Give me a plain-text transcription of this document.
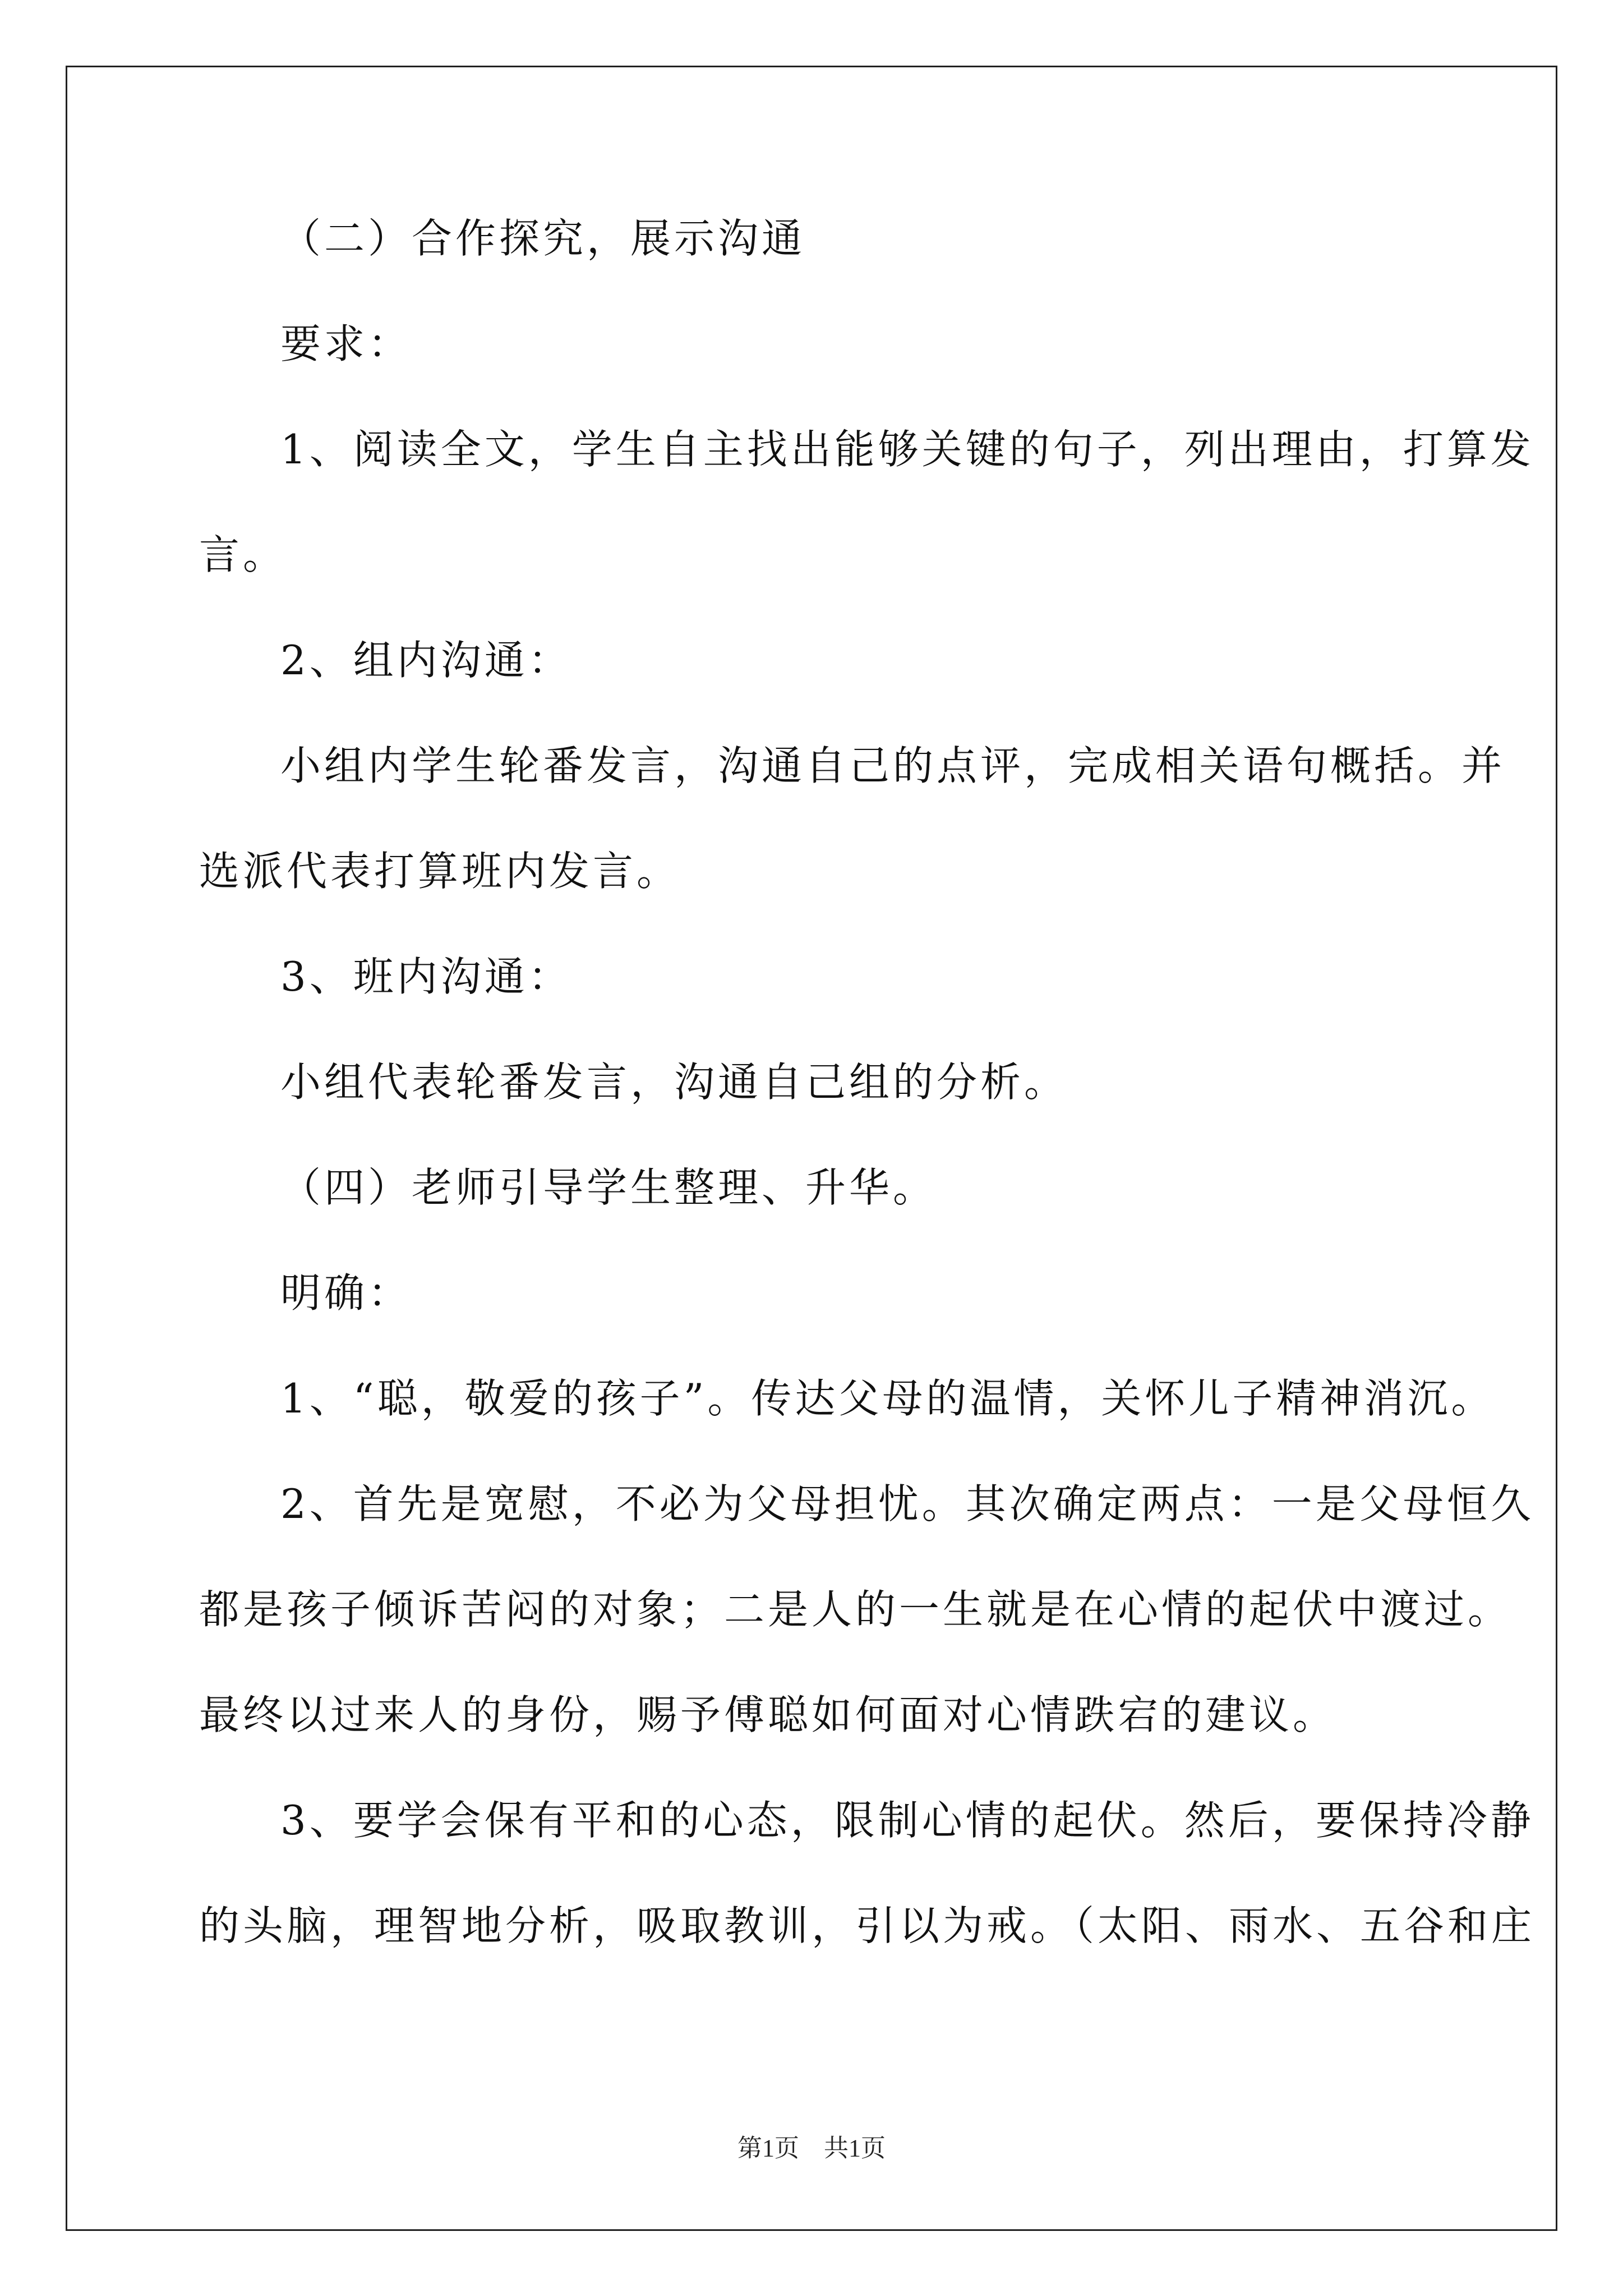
（二）合作探究，展示沟通
要求：
1、阅读全文，学生自主找出能够关键的句子，列出理由，打算发
言。
2、组内沟通：
小组内学生轮番发言，沟通自己的点评，完成相关语句概括。并
选派代表打算班内发言。
3、班内沟通：
小组代表轮番发言，沟通自己组的分析。
（四）老师引导学生整理、升华。
明确：
1、“聪，敬爱的孩子”。传达父母的温情，关怀儿子精神消沉。
2、首先是宽慰，不必为父母担忧。其次确定两点：一是父母恒久
都是孩子倾诉苦闷的对象；二是人的一生就是在心情的起伏中渡过。
最终以过来人的身份，赐予傅聪如何面对心情跌宕的建议。
3、要学会保有平和的心态，限制心情的起伏。然后，要保持冷静
的头脑，理智地分析，吸取教训，引以为戒。（太阳、雨水、五谷和庄
第1页　共1页
